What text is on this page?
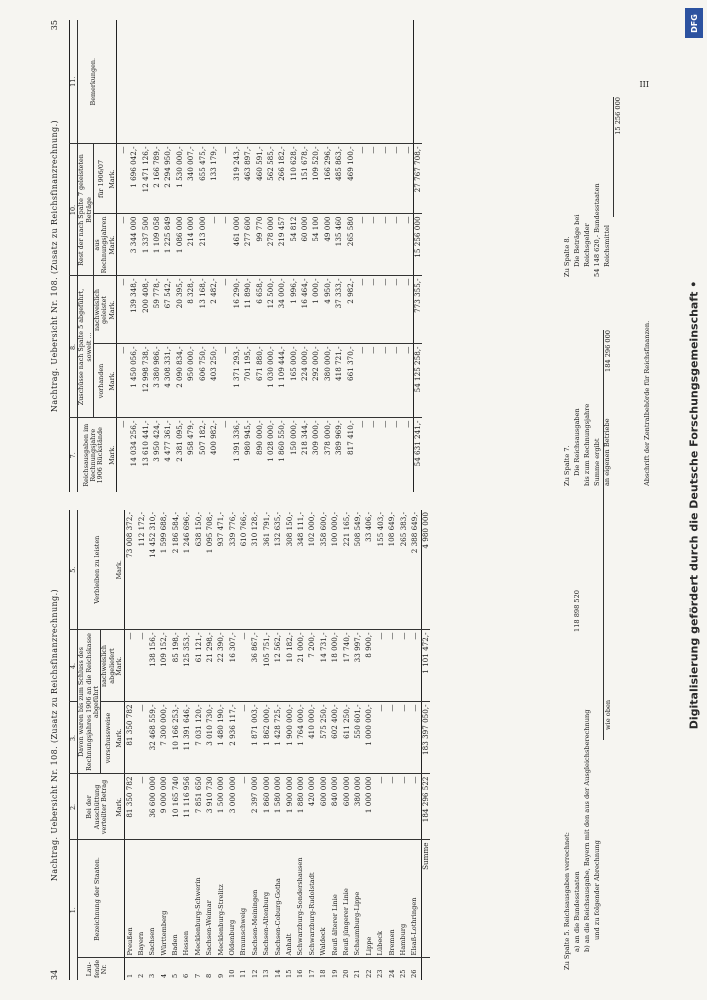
34
Nachtrag. Uebersicht Nr. 108. (Zusatz zu Reichsfinanzrechnung.)
1.		2.	3.	4.	5.
Lau-fende Nr.	Bezeichnung der Staaten.	Bei der Ausschüttung verteilter Betrag	Davon waren bis zum Schluss des Rechnungsjahres 1906 an die Reichskasse abgeführt		Verbleiben zu leisten
			vorschussweise	nachweislich abgeliefert	
		Mark.	Mark.	Mark.	Mark.
1	Preußen	81 350 782	81 350 782	—	73 008 372,-
2	Bayern	—	—	—	112 172,-
3	Sachsen	36 600 000	32 468 559,-	138 156,-	14 452 310,-
4	Württemberg	9 000 000	7 300 000,-	109 152,-	1 599 688,-
5	Baden	10 165 740	10 166 253,-	85 198,-	2 186 584,-
6	Hessen	11 116 956	11 391 646,-	125 353,-	1 246 696,-
7	Mecklenburg-Schwerin	7 851 650	7 031 120,-	61 121,-	638 150,-
8	Sachsen-Weimar	3 910 730	3 010 730,-	21 298,-	1 095 708,-
9	Mecklenburg-Strelitz	1 500 000	1 480 190,-	22 390,-	937 471,-
10	Oldenburg	3 000 000	2 936 117,-	16 307,-	339 776,-
11	Braunschweig	—	—	—	610 766,-
12	Sachsen-Meiningen	2 397 000	1 871 003,-	36 867,-	310 128,-
13	Sachsen-Altenburg	1 860 000	1 862 000,-	105 751,-	361 791,-
14	Sachsen-Coburg-Gotha	1 580 000	1 428 725,-	12 562,-	132 635,-
15	Anhalt	1 900 000	1 900 000,-	10 182,-	308 150,-
16	Schwarzburg-Sondershausen	1 880 000	1 764 000,-	21 000,-	348 111,-
17	Schwarzburg-Rudolstadt	420 000	410 000,-	7 200,-	102 000,-
18	Waldeck	600 000	575 250,-	14 731,-	358 600,-
19	Reuß älterer Linie	840 000	602 400,-	18 000,-	100 000,-
20	Reuß jüngerer Linie	600 000	611 250,-	17 740,-	221 165,-
21	Schaumburg-Lippe	380 000	550 601,-	33 997,-	508 549,-
22	Lippe	1 000 000	1 000 000,-	8 900,-	33 406,-
23	Lübeck	—	—	—	155 403,-
24	Bremen	—	—	—	108 649,-
25	Hamburg	—	—	—	265 383,-
26	Elsaß-Lothringen	—	—	—	2 388 649,-
	Summe	184 296 522	183 397 050,-	1 101 472,-	4 980 000
Zu Spalte 5. Reichsausgaben verrechnet: a) an die Bundesstaaten
118 898 520
b) an die Reichsausgabe, Bayern mit den aus der Ausgleichsberechnung und zu folgender Abrechnung
wie oben
184 296 000
Nachtrag. Uebersicht Nr. 108. (Zusatz zu Reichsfinanzrechnung.)
35
7.	8.		10.		11.
Reichsausgaben im Rechnungsjahre 1906 Rückstände	Zuschüsse nach Spalte 5 abgeführt, soweit ...		Rest der nach Spalte 7 geleisteten Beträge		Bemerkungen.
	vorhanden	nachweislich geleistet	aus Rechnungsjahren	für 1906/07	
Mark.	Mark.	Mark.	Mark.	Mark.	
—	—	—	—	—	
14 034 256,-	1 450 056,-	139 348,-	3 344 000	1 696 042,-	
13 610 441,-	12 998 738,-	200 408,-	1 337 500	12 471 126,-	
3 950 424,-	3 380 986,-	59 778,-	1 109 058	2 166 789,-	
4 477 361,-	4 308 331,-	67 542,-	1 225 849	2 294 950,-	
2 381 095,-	2 090 834,-	20 395,-	1 086 000	1 530 000,-	
958 479,-	950 000,-	8 328,-	214 000	340 007,-	
507 182,-	606 750,-	13 168,-	213 000	655 475,-	
400 982,-	403 250,-	2 482,-	—	133 179,-	
—	—	—	—	—	
1 391 336,-	1 371 293,-	16 290,-	461 000	319 243,-	
980 945,-	701 195,-	11 890,-	277 600	463 897,-	
890 000,-	671 880,-	6 658,-	99 770	460 591,-	
1 028 000,-	1 030 000,-	12 500,-	278 000	562 585,-	
1 860 550,-	1 109 444,-	34 000,-	219 457	266 182,-	
150 000,-	165 000,-	1 996,-	54 812	110 628,-	
218 344,-	224 000,-	16 464,-	60 000	151 678,-	
309 000,-	292 000,-	1 000,-	54 100	109 520,-	
378 000,-	380 000,-	4 950,-	49 000	166 296,-	
389 969,-	418 721,-	37 333,-	135 460	485 863,-	
817 410,-	661 370,-	2 982,-	265 580	469 100,-	
—	—	—	—	—	
—	—	—	—	—	
—	—	—	—	—	
—	—	—	—	—	
—	—	—	—	—	
54 631 241,-	54 125 258,-	773 355,-	15 256 000	27 767 708,-	
Zu Spalte 7. Die Reichsausgaben bis zum Rechnungsjahre Summe ergibt an eigenen Betriebe
Zu Spalte 8. Die Beträge bei Reichsgelder 54 148 620,- Bundesstaaten Reichsmittel
15 256 000
Abschrift der Zentralbehörde für Reichsfinanzen.
III
DFG
Digitalisierung gefördert durch die Deutsche Forschungsgemeinschaft •
